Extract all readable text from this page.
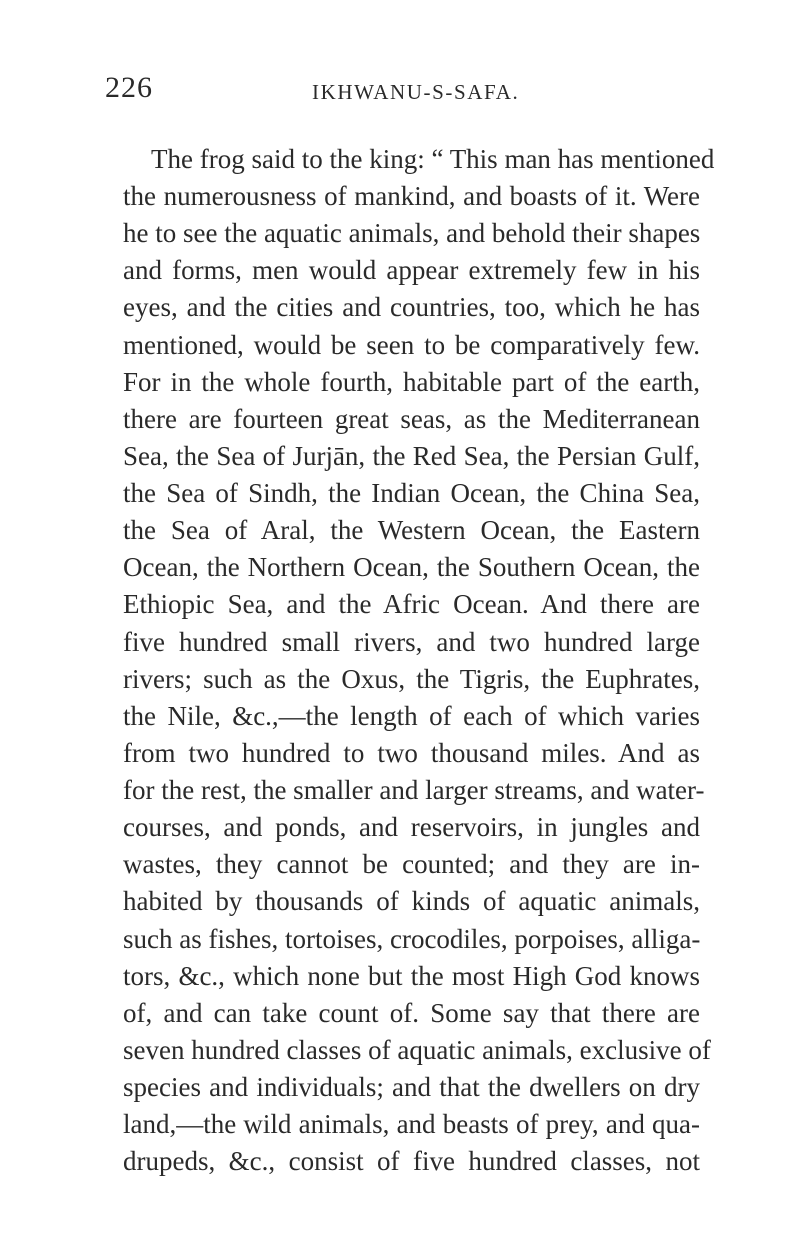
226	IKHWANU-S-SAFA.
The frog said to the king: “ This man has mentioned
the numerousness of mankind, and boasts of it. Were
he to see the aquatic animals, and behold their shapes
and forms, men would appear extremely few in his
eyes, and the cities and countries, too, which he has
mentioned, would be seen to be comparatively few.
For in the whole fourth, habitable part of the earth,
there are fourteen great seas, as the Mediterranean
Sea, the Sea of Jurjān, the Red Sea, the Persian Gulf,
the Sea of Sindh, the Indian Ocean, the China Sea,
the Sea of Aral, the Western Ocean, the Eastern
Ocean, the Northern Ocean, the Southern Ocean, the
Ethiopic Sea, and the Afric Ocean. And there are
five hundred small rivers, and two hundred large
rivers; such as the Oxus, the Tigris, the Euphrates,
the Nile, &c.,—the length of each of which varies
from two hundred to two thousand miles. And as
for the rest, the smaller and larger streams, and water-
courses, and ponds, and reservoirs, in jungles and
wastes, they cannot be counted; and they are in-
habited by thousands of kinds of aquatic animals,
such as fishes, tortoises, crocodiles, porpoises, alliga-
tors, &c., which none but the most High God knows
of, and can take count of. Some say that there are
seven hundred classes of aquatic animals, exclusive of
species and individuals; and that the dwellers on dry
land,—the wild animals, and beasts of prey, and qua-
drupeds, &c., consist of five hundred classes, not
